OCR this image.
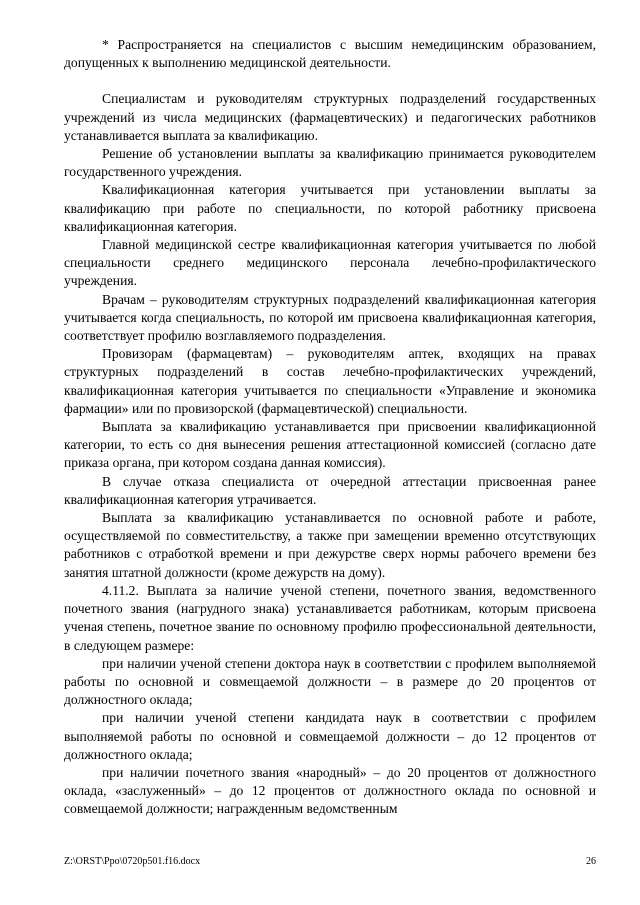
* Распространяется на специалистов с высшим немедицинским образованием, допущенных к выполнению медицинской деятельности.

Специалистам и руководителям структурных подразделений государственных учреждений из числа медицинских (фармацевтических) и педагогических работников устанавливается выплата за квалификацию.

Решение об установлении выплаты за квалификацию принимается руководителем государственного учреждения.

Квалификационная категория учитывается при установлении выплаты за квалификацию при работе по специальности, по которой работнику присвоена квалификационная категория.

Главной медицинской сестре квалификационная категория учитывается по любой специальности среднего медицинского персонала лечебно-профилактического учреждения.

Врачам – руководителям структурных подразделений квалификационная категория учитывается когда специальность, по которой им присвоена квалификационная категория, соответствует профилю возглавляемого подразделения.

Провизорам (фармацевтам) – руководителям аптек, входящих на правах структурных подразделений в состав лечебно-профилактических учреждений, квалификационная категория учитывается по специальности «Управление и экономика фармации» или по провизорской (фармацевтической) специальности.

Выплата за квалификацию устанавливается при присвоении квалификационной категории, то есть со дня вынесения решения аттестационной комиссией (согласно дате приказа органа, при котором создана данная комиссия).

В случае отказа специалиста от очередной аттестации присвоенная ранее квалификационная категория утрачивается.

Выплата за квалификацию устанавливается по основной работе и работе, осуществляемой по совместительству, а также при замещении временно отсутствующих работников с отработкой времени и при дежурстве сверх нормы рабочего времени без занятия штатной должности (кроме дежурств на дому).

4.11.2. Выплата за наличие ученой степени, почетного звания, ведомственного почетного звания (нагрудного знака) устанавливается работникам, которым присвоена ученая степень, почетное звание по основному профилю профессиональной деятельности, в следующем размере:

при наличии ученой степени доктора наук в соответствии с профилем выполняемой работы по основной и совмещаемой должности – в размере до 20 процентов от должностного оклада;

при наличии ученой степени кандидата наук в соответствии с профилем выполняемой работы по основной и совмещаемой должности – до 12 процентов от должностного оклада;

при наличии почетного звания «народный» – до 20 процентов от должностного оклада, «заслуженный» – до 12 процентов от должностного оклада по основной и совмещаемой должности; награжденным ведомственным

Z:\ORST\Ppo\0720p501.f16.docx	26
